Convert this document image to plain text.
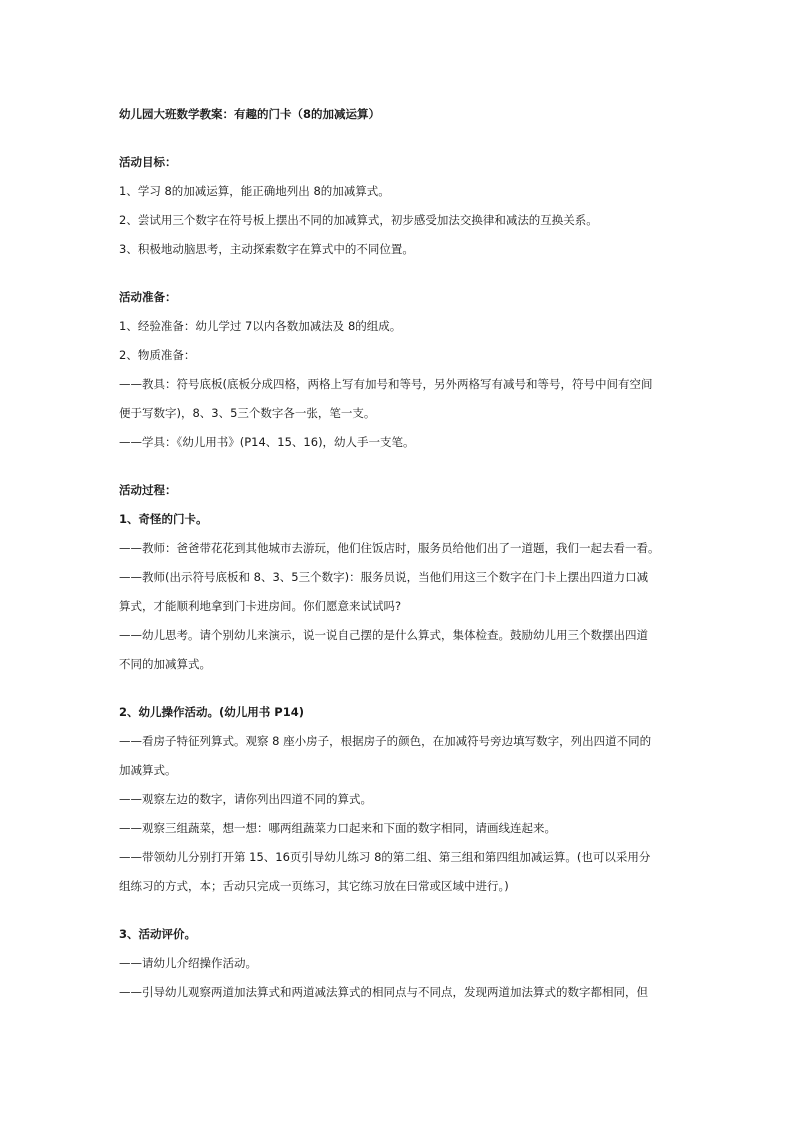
幼儿园大班数学教案：有趣的门卡（8的加减运算）
活动目标：
1、学习 8的加减运算，能正确地列出 8的加减算式。
2、尝试用三个数字在符号板上摆出不同的加减算式，初步感受加法交换律和减法的互换关系。
3、积极地动脑思考，主动探索数字在算式中的不同位置。
活动准备：
1、经验准备：幼儿学过 7以内各数加减法及 8的组成。
2、物质准备：
——教具：符号底板(底板分成四格，两格上写有加号和等号，另外两格写有减号和等号，符号中间有空间
便于写数字)，8、3、5三个数字各一张，笔一支。
——学具：《幼儿用书》(P14、15、16)，幼人手一支笔。
活动过程：
1、奇怪的门卡。
——教师：爸爸带花花到其他城市去游玩，他们住饭店时，服务员给他们出了一道题，我们一起去看一看。
——教师(出示符号底板和 8、3、5三个数字)：服务员说，当他们用这三个数字在门卡上摆出四道力口减
算式，才能顺利地拿到门卡进房间。你们愿意来试试吗?
——幼儿思考。请个别幼儿来演示，说一说自己摆的是什么算式，集体检查。鼓励幼儿用三个数摆出四道
不同的加减算式。
2、幼儿操作活动。(幼儿用书 P14)
——看房子特征列算式。观察 8 座小房子，根据房子的颜色，在加减符号旁边填写数字，列出四道不同的
加减算式。
——观察左边的数字，请你列出四道不同的算式。
——观察三组蔬菜，想一想：哪两组蔬菜力口起来和下面的数字相同，请画线连起来。
——带领幼儿分别打开第 15、16页引导幼儿练习 8的第二组、第三组和第四组加减运算。(也可以采用分
组练习的方式，本；舌动只完成一页练习，其它练习放在曰常或区域中进行。)
3、活动评价。
——请幼儿介绍操作活动。
——引导幼儿观察两道加法算式和两道减法算式的相同点与不同点，发现两道加法算式的数字都相同，但
